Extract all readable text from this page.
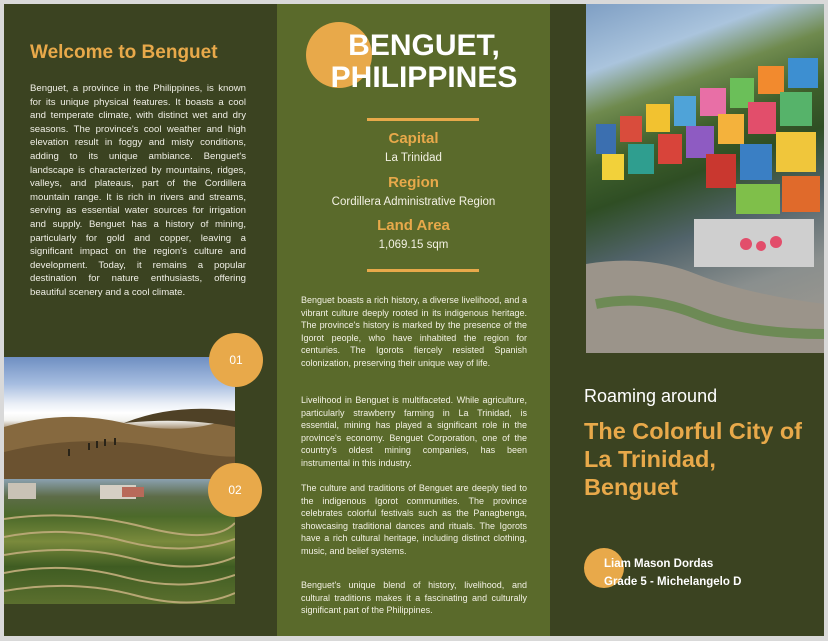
Welcome to Benguet

Benguet, a province in the Philippines, is known for its unique physical features. It boasts a cool and temperate climate, with distinct wet and dry seasons. The province's cool weather and high elevation result in foggy and misty conditions, adding to its unique ambiance. Benguet's landscape is characterized by mountains, ridges, valleys, and plateaus, part of the Cordillera mountain range. It is rich in rivers and streams, serving as essential water sources for irrigation and supply. Benguet has a history of mining, particularly for gold and copper, leaving a significant impact on the region's culture and development. Today, it remains a popular destination for nature enthusiasts, offering beautiful scenery and a cool climate.

01
02
BENGUET, PHILIPPINES
Capital
La Trinidad
Region
Cordillera Administrative Region
Land Area
1,069.15 sqm

Benguet boasts a rich history, a diverse livelihood, and a vibrant culture deeply rooted in its indigenous heritage. The province's history is marked by the presence of the Igorot people, who have inhabited the region for centuries. The Igorots fiercely resisted Spanish colonization, preserving their unique way of life.

Livelihood in Benguet is multifaceted. While agriculture, particularly strawberry farming in La Trinidad, is essential, mining has played a significant role in the province's economy. Benguet Corporation, one of the country's oldest mining companies, has been instrumental in this industry.

The culture and traditions of Benguet are deeply tied to the indigenous Igorot communities. The province celebrates colorful festivals such as the Panagbenga, showcasing traditional dances and rituals. The Igorots have a rich cultural heritage, including distinct clothing, music, and belief systems.

Benguet's unique blend of history, livelihood, and cultural traditions makes it a fascinating and culturally significant part of the Philippines.

Roaming around

The Colorful City of La Trinidad, Benguet

Liam Mason Dordas

Grade 5 - Michelangelo D
